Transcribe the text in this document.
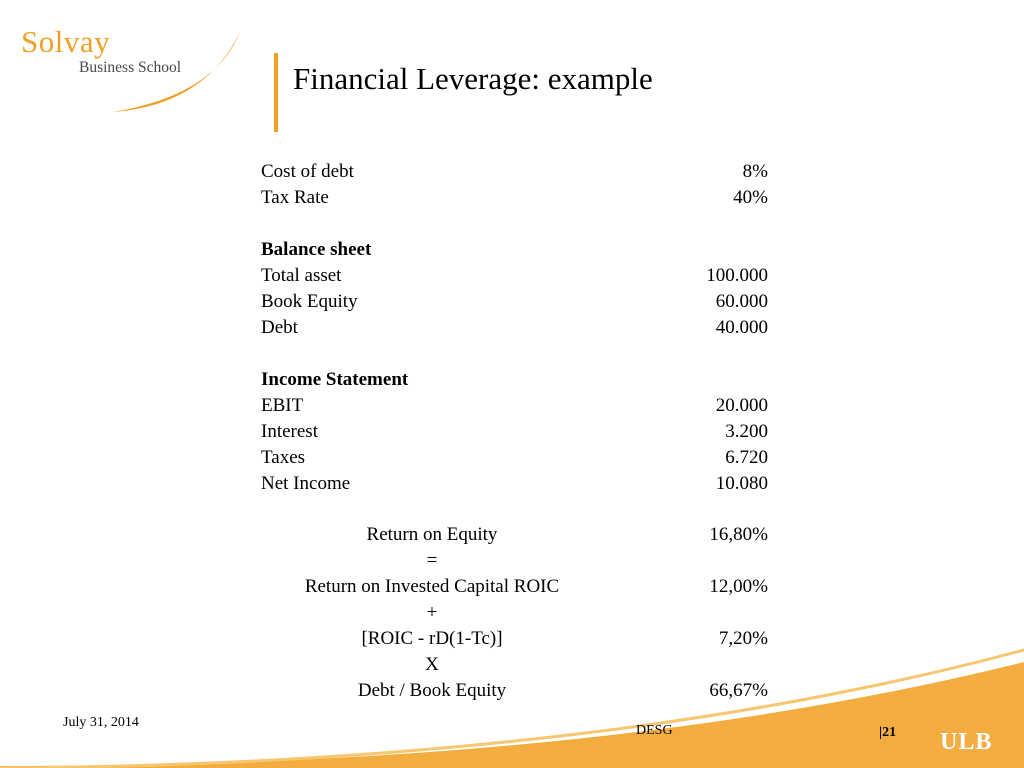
Solvay
Business School	Financial Leverage: example
Cost of debt	8%
Tax Rate	40%
Balance sheet
Total asset	100.000
Book Equity	60.000
Debt	40.000
Income Statement
EBIT	20.000
Interest	3.200
Taxes	6.720
Net Income	10.080
Return on Equity	16,80%
=
Return on Invested Capital ROIC	12,00%
+
[ROIC - rD(1-Tc)]	7,20%
X
Debt / Book Equity	66,67%
July 31, 2014
DESG	|21 ULB
